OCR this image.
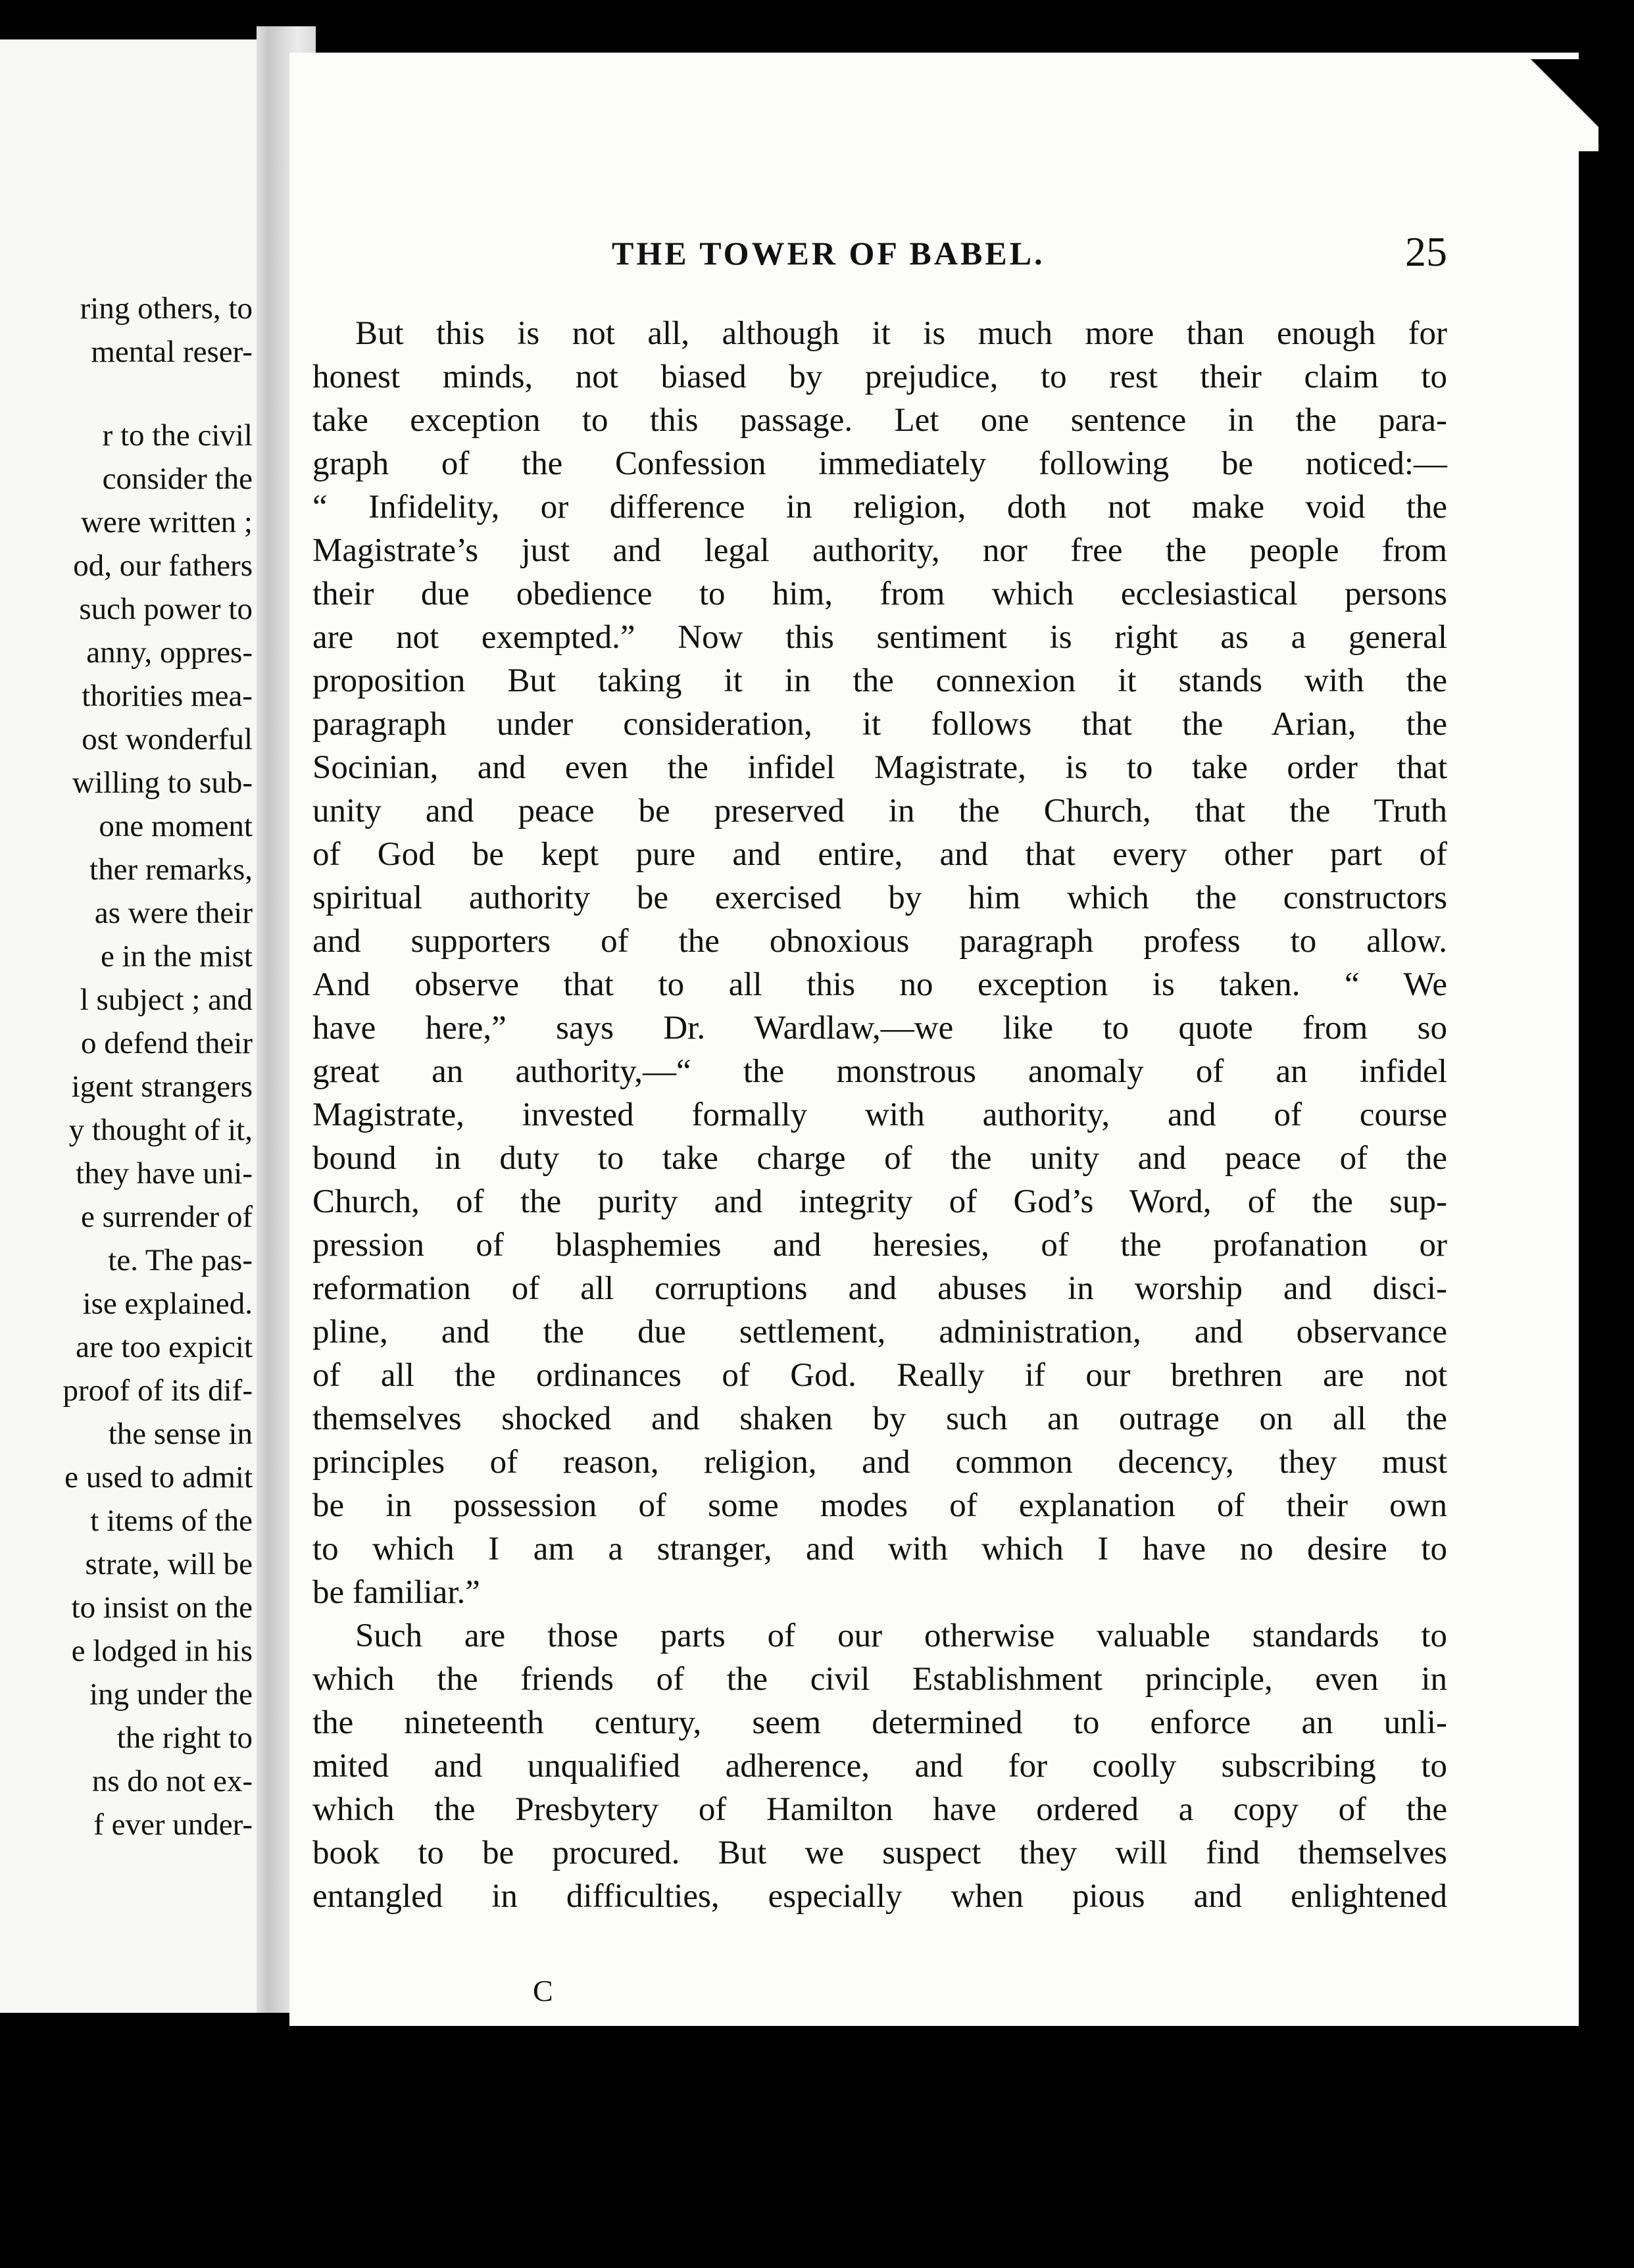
ring others, to
mental reser-
r to the civil
consider the
were written ;
od, our fathers
such power to
anny, oppres-
thorities mea-
ost wonderful
willing to sub-
one moment
ther remarks,
as were their
e in the mist
l subject ; and
o defend their
igent strangers
y thought of it,
they have uni-
e surrender of
te. The pas-
ise explained.
are too expicit
proof of its dif-
the sense in
e used to admit
t items of the
strate, will be
to insist on the
e lodged in his
ing under the
the right to
ns do not ex-
f ever under-
THE TOWER OF BABEL.	25
But this is not all, although it is much more than enough for
honest minds, not biased by prejudice, to rest their claim to
take exception to this passage. Let one sentence in the para-
graph of the Confession immediately following be noticed:—
“ Infidelity, or difference in religion, doth not make void the
Magistrate’s just and legal authority, nor free the people from
their due obedience to him, from which ecclesiastical persons
are not exempted.” Now this sentiment is right as a general
proposition But taking it in the connexion it stands with the
paragraph under consideration, it follows that the Arian, the
Socinian, and even the infidel Magistrate, is to take order that
unity and peace be preserved in the Church, that the Truth
of God be kept pure and entire, and that every other part of
spiritual authority be exercised by him which the constructors
and supporters of the obnoxious paragraph profess to allow.
And observe that to all this no exception is taken. “ We
have here,” says Dr. Wardlaw,—we like to quote from so
great an authority,—“ the monstrous anomaly of an infidel
Magistrate, invested formally with authority, and of course
bound in duty to take charge of the unity and peace of the
Church, of the purity and integrity of God’s Word, of the sup-
pression of blasphemies and heresies, of the profanation or
reformation of all corruptions and abuses in worship and disci-
pline, and the due settlement, administration, and observance
of all the ordinances of God. Really if our brethren are not
themselves shocked and shaken by such an outrage on all the
principles of reason, religion, and common decency, they must
be in possession of some modes of explanation of their own
to which I am a stranger, and with which I have no desire to
be familiar.”
Such are those parts of our otherwise valuable standards to
which the friends of the civil Establishment principle, even in
the nineteenth century, seem determined to enforce an unli-
mited and unqualified adherence, and for coolly subscribing to
which the Presbytery of Hamilton have ordered a copy of the
book to be procured. But we suspect they will find themselves
entangled in difficulties, especially when pious and enlightened
C
